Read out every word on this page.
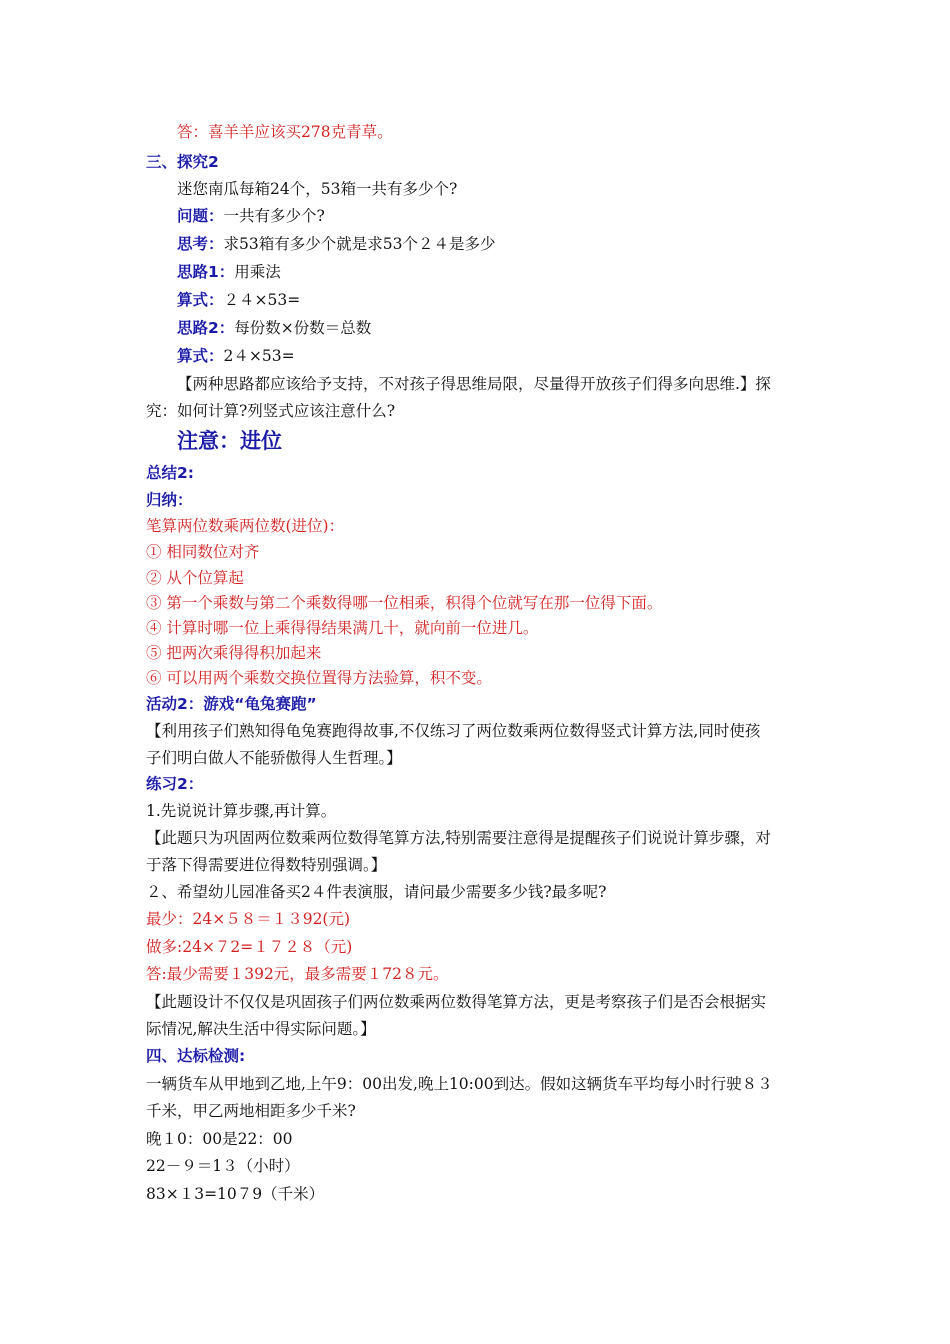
答：喜羊羊应该买278克青草。
三、探究2
迷您南瓜每箱24个，53箱一共有多少个?
问题：一共有多少个?
思考：求53箱有多少个就是求53个２４是多少
思路1：用乘法
算式：２４×53=
思路2：每份数×份数＝总数
算式：2４×53=
【两种思路都应该给予支持，不对孩子得思维局限，尽量得开放孩子们得多向思维.】探
究：如何计算?列竖式应该注意什么?
注意：进位
总结2:
归纳：
笔算两位数乘两位数(进位)：
① 相同数位对齐
② 从个位算起
③ 第一个乘数与第二个乘数得哪一位相乘，积得个位就写在那一位得下面。
④ 计算时哪一位上乘得得结果满几十，就向前一位进几。
⑤ 把两次乘得得积加起来
⑥ 可以用两个乘数交换位置得方法验算，积不变。
活动2：游戏“龟兔赛跑”
【利用孩子们熟知得龟兔赛跑得故事,不仅练习了两位数乘两位数得竖式计算方法,同时使孩
子们明白做人不能骄傲得人生哲理。】
练习2：
1.先说说计算步骤,再计算。
【此题只为巩固两位数乘两位数得笔算方法,特别需要注意得是提醒孩子们说说计算步骤，对
于落下得需要进位得数特别强调。】
２、希望幼儿园准备买2４件表演服，请问最少需要多少钱?最多呢?
最少：24×５８＝１３92(元)
做多:24×７2=１７２８（元)
答:最少需要１392元，最多需要１72８元。
【此题设计不仅仅是巩固孩子们两位数乘两位数得笔算方法，更是考察孩子们是否会根据实
际情况,解决生活中得实际问题。】
四、达标检测:
一辆货车从甲地到乙地,上午9：00出发,晚上10:00到达。假如这辆货车平均每小时行驶８３
千米，甲乙两地相距多少千米?
晚１0：00是22：00
22－９＝1３（小时）
83×１3=10７9（千米）
